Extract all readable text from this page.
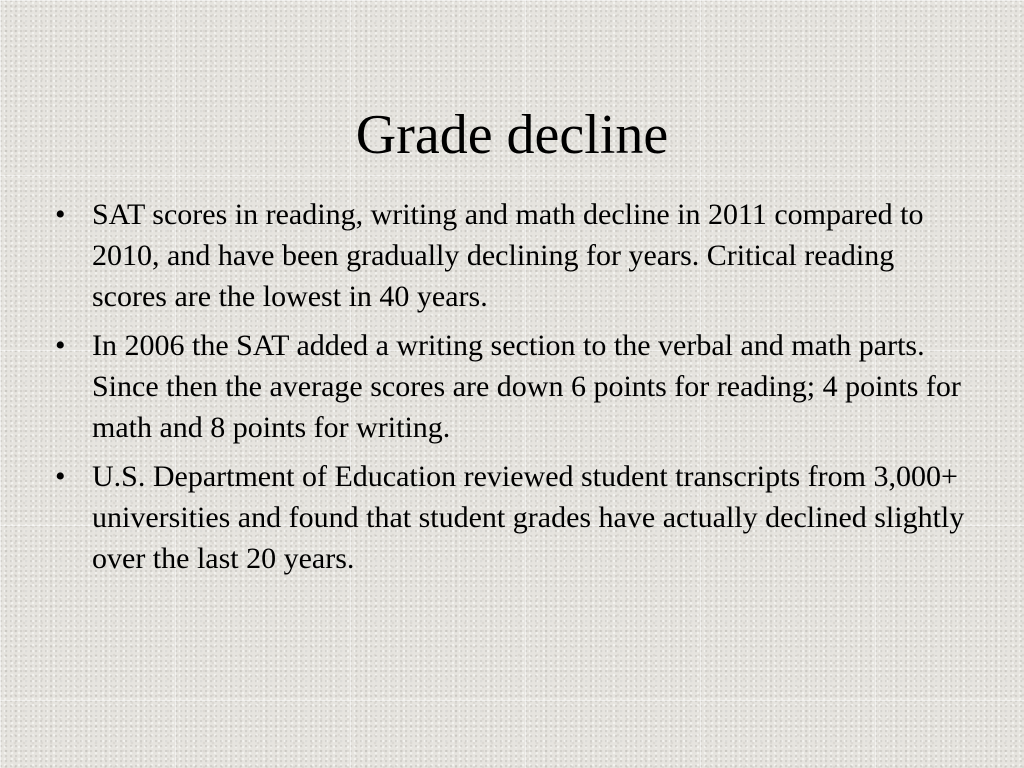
Grade decline
• SAT scores in reading, writing and math decline in 2011 compared to 2010, and have been gradually declining for years. Critical reading scores are the lowest in 40 years.
• In 2006 the SAT added a writing section to the verbal and math parts. Since then the average scores are down 6 points for reading; 4 points for math and 8 points for writing.
• U.S. Department of Education reviewed student transcripts from 3,000+ universities and found that student grades have actually declined slightly over the last 20 years.
